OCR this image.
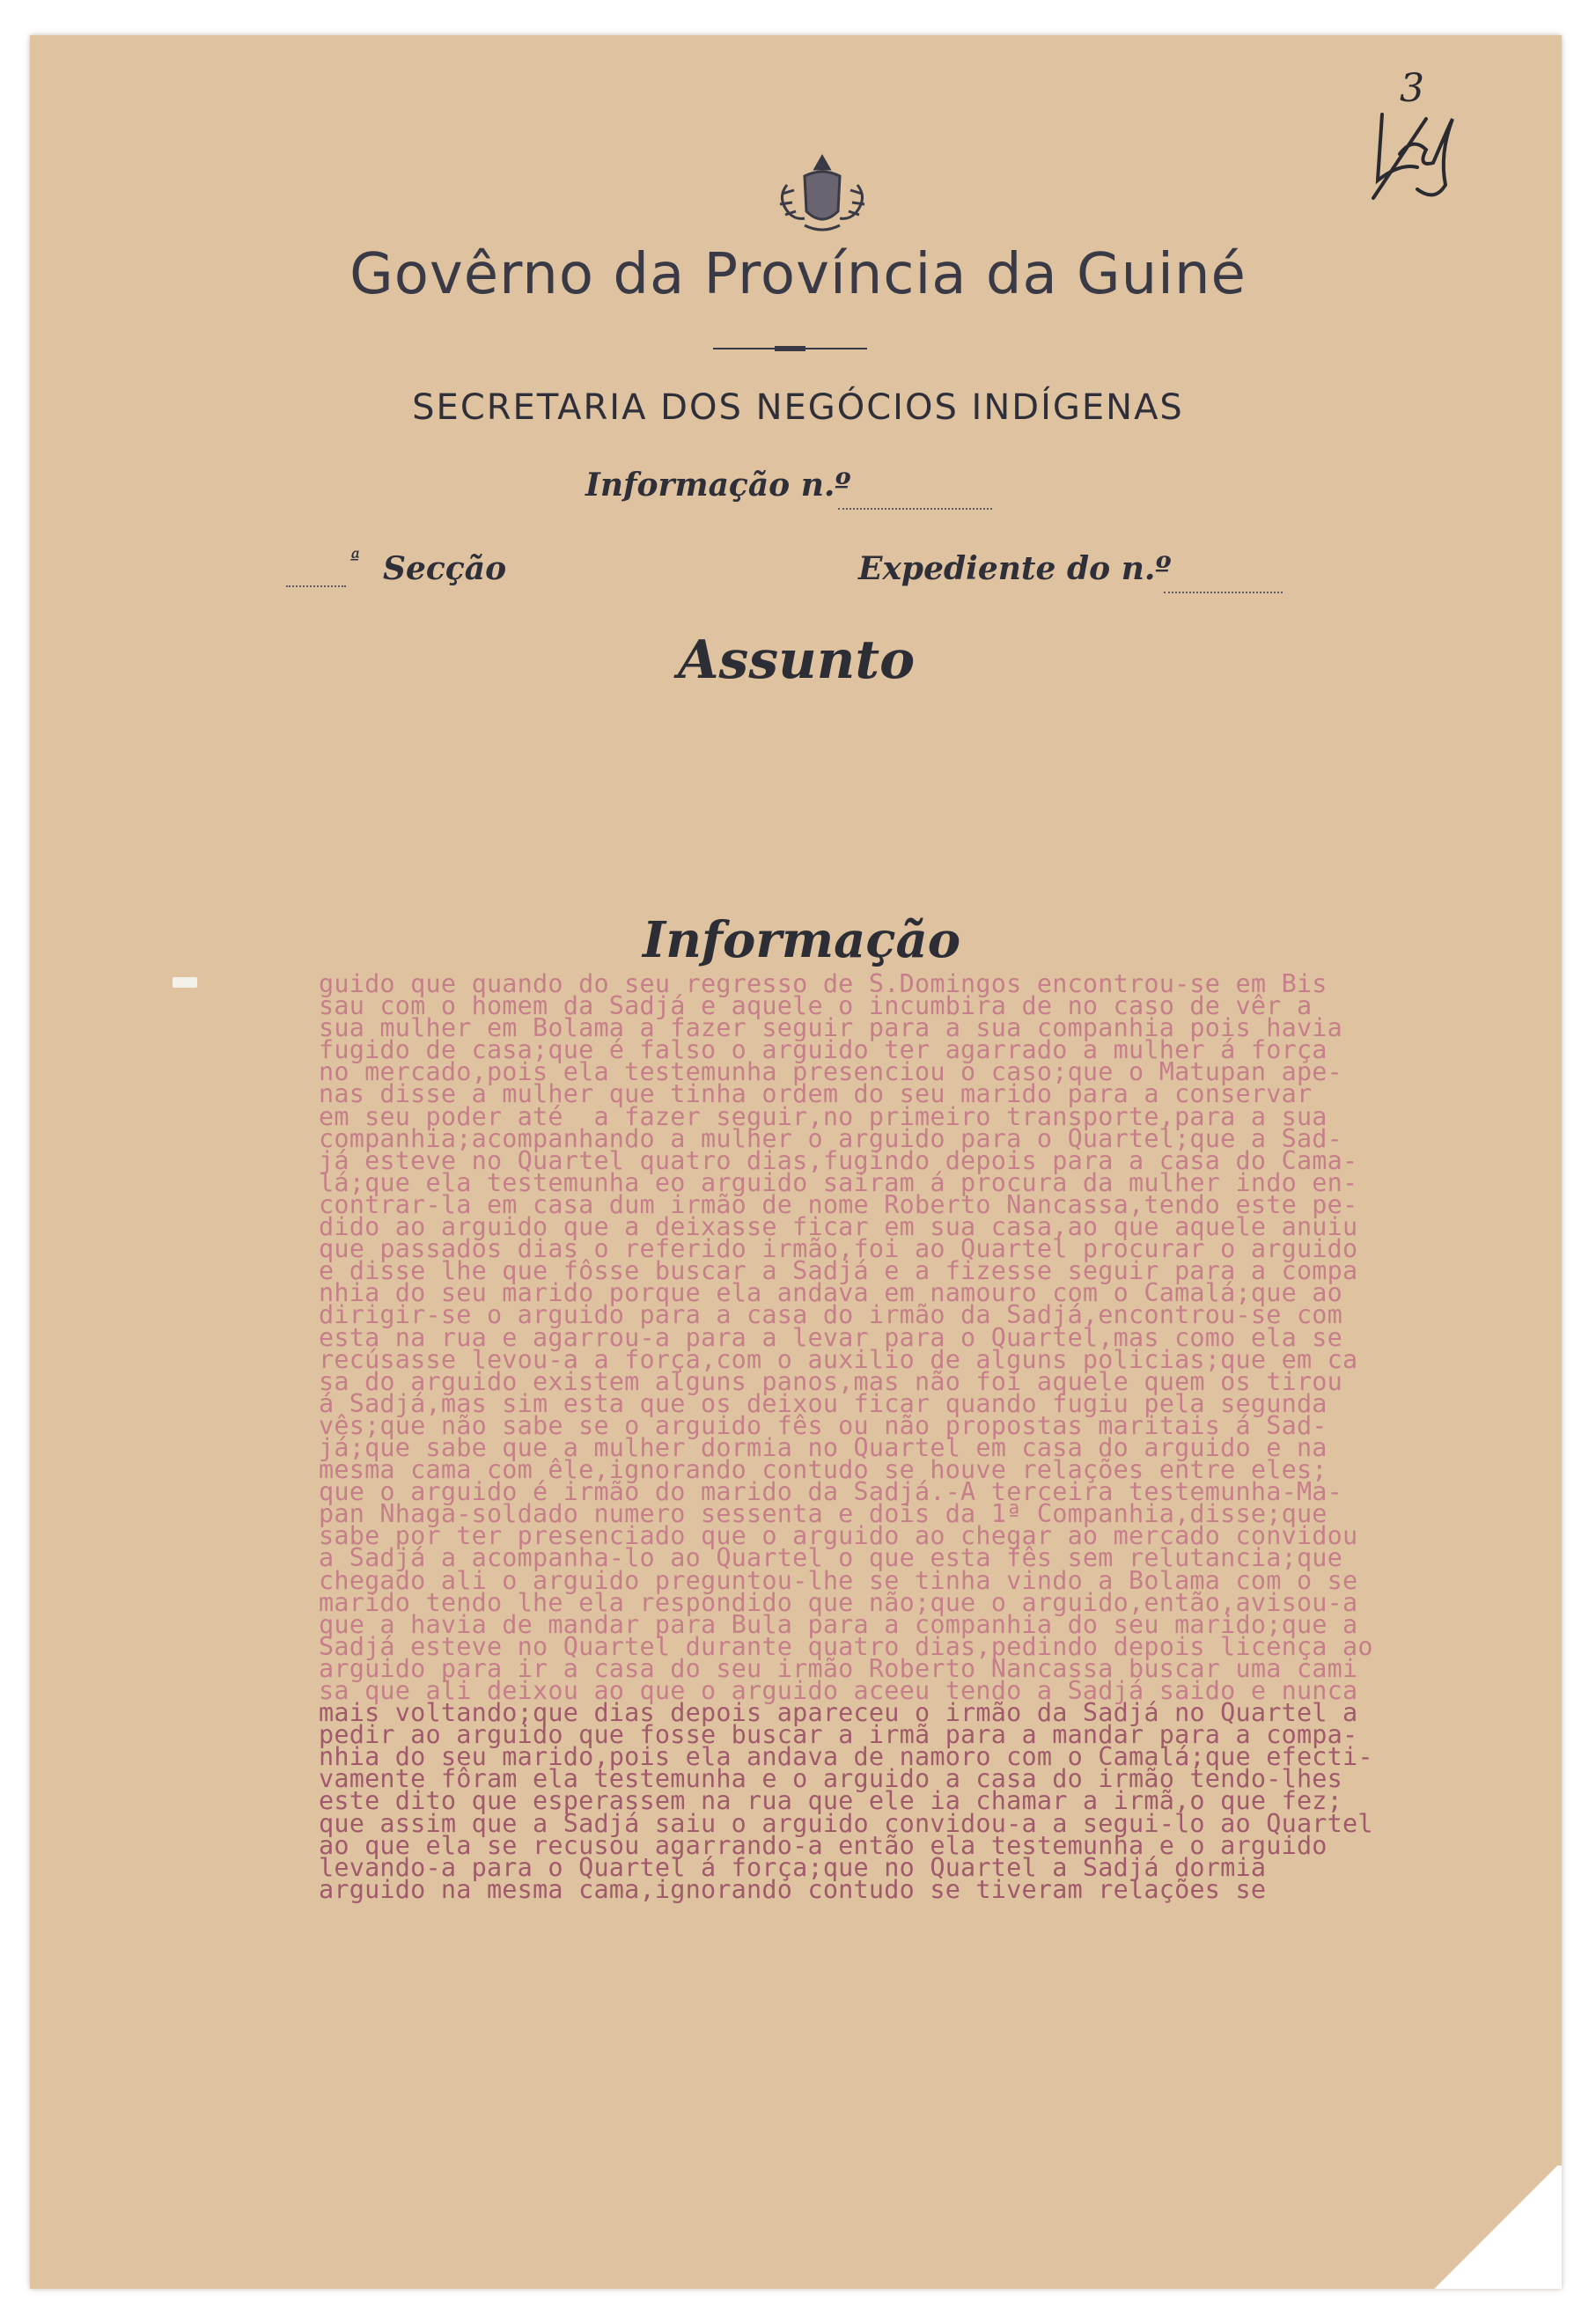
Govêrno da Província da Guiné
SECRETARIA DOS NEGÓCIOS INDÍGENAS
Informação n.º
ª Secção	Expediente do n.º
Assunto
3
Informação
guido que quando do seu regresso de S.Domingos encontrou-se em Bis
sau com o homem da Sadjá e aquele o incumbira de no caso de vêr a
sua mulher em Bolama a fazer seguir para a sua companhia pois havia
fugido de casa;que é falso o arguido ter agarrado a mulher á força
no mercado,pois ela testemunha presenciou o caso;que o Matupan ape-
nas disse a mulher que tinha ordem do seu marido para a conservar
em seu poder até  a fazer seguir,no primeiro transporte,para a sua
companhia;acompanhando a mulher o arguido para o Quartel;que a Sad-
já esteve no Quartel quatro dias,fugindo depois para a casa do Cama-
lá;que ela testemunha eo arguido sairam á procura da mulher indo en-
contrar-la em casa dum irmão de nome Roberto Nancassa,tendo este pe-
dido ao arguido que a deixasse ficar em sua casa,ao que aquele anuiu
que passados dias o referido irmão,foi ao Quartel procurar o arguido
e disse lhe que fôsse buscar a Sadjá e a fizesse seguir para a compa
nhia do seu marido porque ela andava em namouro com o Camalá;que ao
dirigir-se o arguido para a casa do irmão da Sadjá,encontrou-se com
esta na rua e agarrou-a para a levar para o Quartel,mas como ela se
recúsasse levou-a a força,com o auxilio de alguns policias;que em ca
sa do arguido existem alguns panos,mas não foi aquele quem os tirou
á Sadjá,mas sim esta que os deixou ficar quando fugiu pela segunda
vês;que não sabe se o arguido fês ou não propostas maritais á Sad-
já;que sabe que a mulher dormia no Quartel em casa do arguido e na
mesma cama com êle,ignorando contudo se houve relações entre eles;
que o arguido é irmão do marido da Sadjá.-A terceira testemunha-Ma-
pan Nhaga-soldado numero sessenta e dois da 1ª Companhia,disse;que
sabe por ter presenciado que o arguido ao chegar ao mercado convidou
a Sadjá a acompanha-lo ao Quartel o que esta fês sem relutancia;que
chegado ali o arguido preguntou-lhe se tinha vindo a Bolama com o se
marido tendo lhe ela respondido que não;que o arguido,então,avisou-a
que a havia de mandar para Bula para a companhia do seu marido;que a
Sadjá esteve no Quartel durante quatro dias,pedindo depois licença ao
arguido para ir a casa do seu irmão Roberto Nancassa buscar uma cami
sa que ali deixou ao que o arguido aceeu tendo a Sadjá saido e nunca
mais voltando;que dias depois apareceu o irmão da Sadjá no Quartel a
pedir ao arguido que fosse buscar a irmã para a mandar para a compa-
nhia do seu marido,pois ela andava de namoro com o Camalá;que efecti-
vamente fôram ela testemunha e o arguido a casa do irmão tendo-lhes
este dito que esperassem na rua que ele ia chamar a irmã,o que fez;
que assim que a Sadjá saiu o arguido convidou-a a segui-lo ao Quartel
ao que ela se recusou agarrando-a então ela testemunha e o arguido
levando-a para o Quartel á força;que no Quartel a Sadjá dormia
arguido na mesma cama,ignorando contudo se tiveram relações se
